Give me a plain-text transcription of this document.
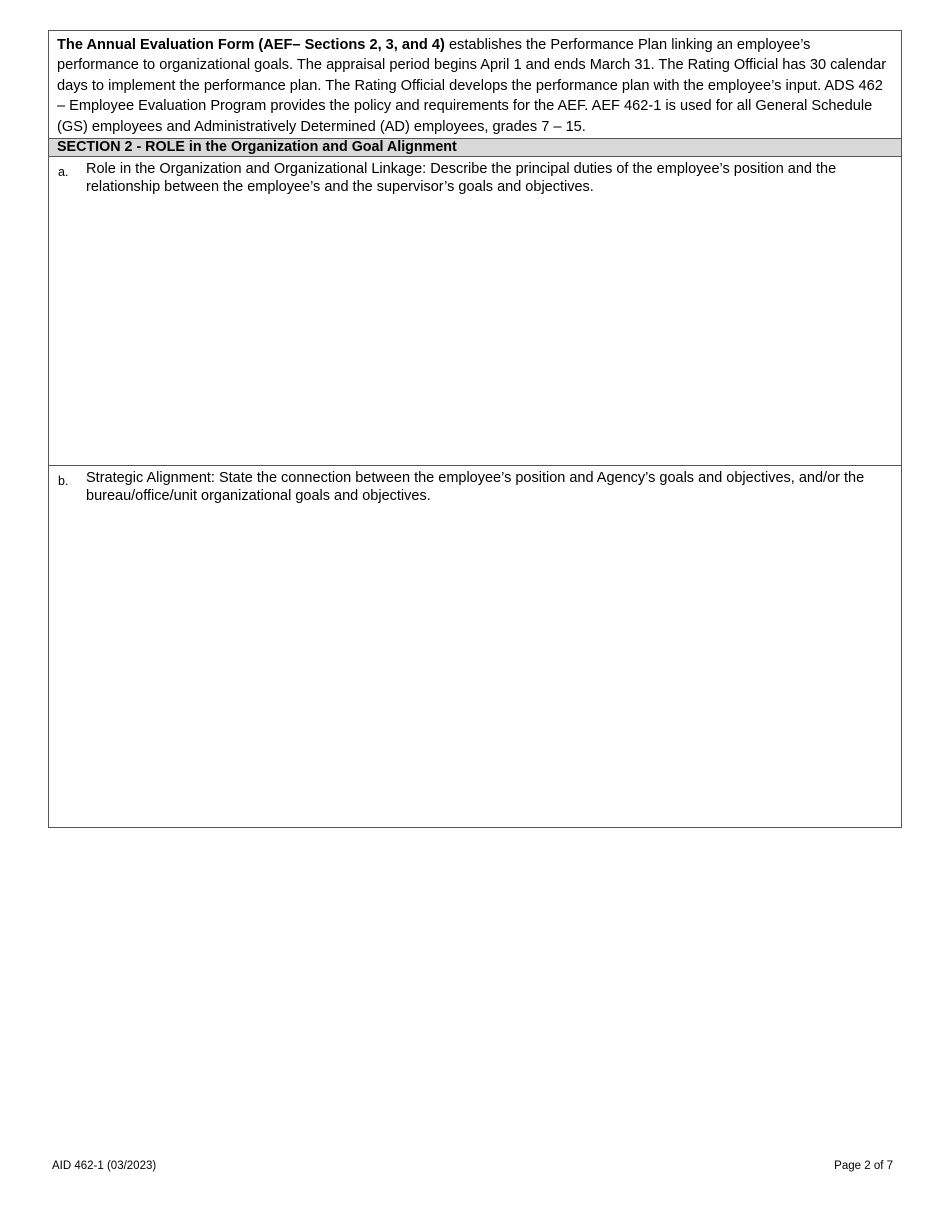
The Annual Evaluation Form (AEF– Sections 2, 3, and 4) establishes the Performance Plan linking an employee’s performance to organizational goals. The appraisal period begins April 1 and ends March 31. The Rating Official has 30 calendar days to implement the performance plan. The Rating Official develops the performance plan with the employee’s input. ADS 462 – Employee Evaluation Program provides the policy and requirements for the AEF. AEF 462-1 is used for all General Schedule (GS) employees and Administratively Determined (AD) employees, grades 7 – 15.
SECTION 2 - ROLE in the Organization and Goal Alignment
a. Role in the Organization and Organizational Linkage: Describe the principal duties of the employee’s position and the relationship between the employee’s and the supervisor’s goals and objectives.
b. Strategic Alignment: State the connection between the employee’s position and Agency’s goals and objectives, and/or the bureau/office/unit organizational goals and objectives.
AID 462-1 (03/2023)	Page 2 of 7
